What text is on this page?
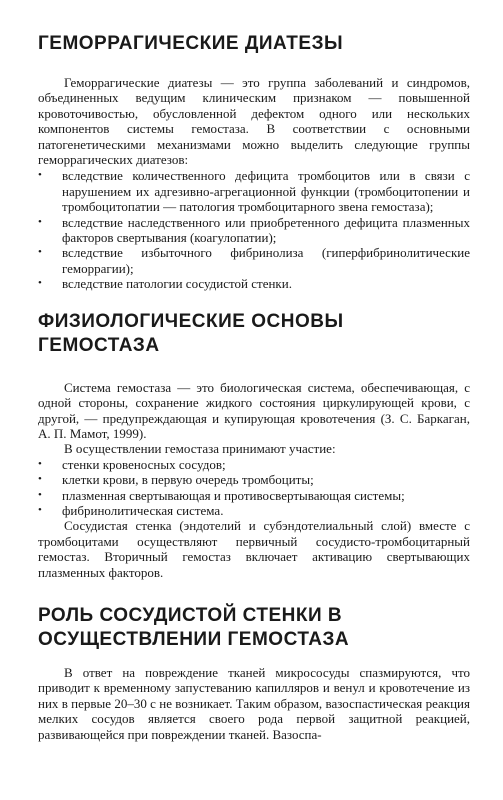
ГЕМОРРАГИЧЕСКИЕ ДИАТЕЗЫ

Геморрагические диатезы — это группа заболеваний и синдромов, объединенных ведущим клиническим признаком — повышенной кровоточивостью, обусловленной дефектом одного или нескольких компонентов системы гемостаза. В соответствии с основными патогенетическими механизмами можно выделить следующие группы геморрагических диатезов:

• вследствие количественного дефицита тромбоцитов или в связи с нарушением их адгезивно-агрегационной функции (тромбоцитопении и тромбоцитопатии — патология тромбоцитарного звена гемостаза);
• вследствие наследственного или приобретенного дефицита плазменных факторов свертывания (коагулопатии);
• вследствие избыточного фибринолиза (гиперфибринолитические геморрагии);
• вследствие патологии сосудистой стенки.
ФИЗИОЛОГИЧЕСКИЕ ОСНОВЫ
ГЕМОСТАЗА

Система гемостаза — это биологическая система, обеспечивающая, с одной стороны, сохранение жидкого состояния циркулирующей крови, с другой, — предупреждающая и купирующая кровотечения (З. С. Баркаган, А. П. Мамот, 1999).

В осуществлении гемостаза принимают участие:

• стенки кровеносных сосудов;
• клетки крови, в первую очередь тромбоциты;
• плазменная свертывающая и противосвертывающая системы;
• фибринолитическая система.

Сосудистая стенка (эндотелий и субэндотелиальный слой) вместе с тромбоцитами осуществляют первичный сосудисто-тромбоцитарный гемостаз. Вторичный гемостаз включает активацию свертывающих плазменных факторов.

РОЛЬ СОСУДИСТОЙ СТЕНКИ В
ОСУЩЕСТВЛЕНИИ ГЕМОСТАЗА

В ответ на повреждение тканей микрососуды спазмируются, что приводит к временному запустеванию капилляров и венул и кровотечение из них в первые 20–30 с не возникает. Таким образом, вазоспастическая реакция мелких сосудов является своего рода первой защитной реакцией, развивающейся при повреждении тканей. Вазоспа-
